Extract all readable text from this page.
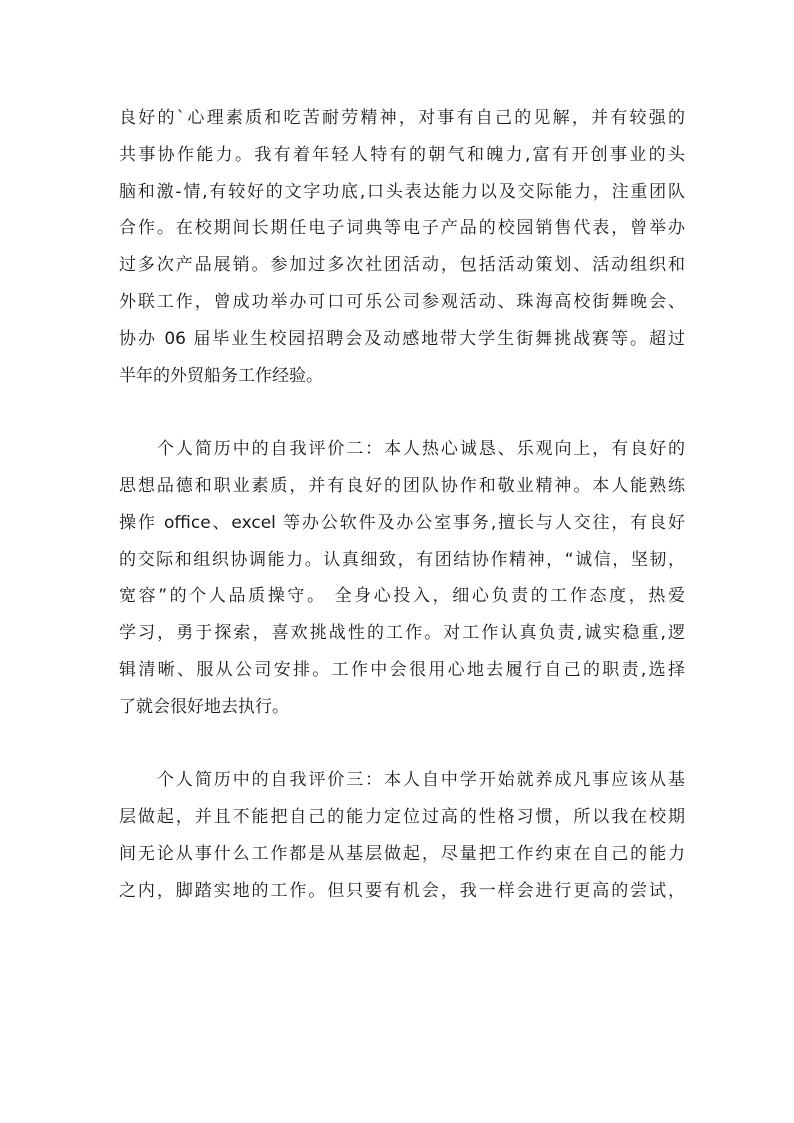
良好的`心理素质和吃苦耐劳精神，对事有自己的见解，并有较强的
共事协作能力。我有着年轻人特有的朝气和魄力,富有开创事业的头
脑和激-情,有较好的文字功底,口头表达能力以及交际能力，注重团队
合作。在校期间长期任电子词典等电子产品的校园销售代表，曾举办
过多次产品展销。参加过多次社团活动，包括活动策划、活动组织和
外联工作，曾成功举办可口可乐公司参观活动、珠海高校街舞晚会、
协办 06 届毕业生校园招聘会及动感地带大学生街舞挑战赛等。超过
半年的外贸船务工作经验。
个人简历中的自我评价二：本人热心诚恳、乐观向上，有良好的
思想品德和职业素质，并有良好的团队协作和敬业精神。本人能熟练
操作 office、excel 等办公软件及办公室事务,擅长与人交往，有良好
的交际和组织协调能力。认真细致，有团结协作精神，“诚信，坚韧，
宽容”的个人品质操守。 全身心投入，细心负责的工作态度，热爱
学习，勇于探索，喜欢挑战性的工作。对工作认真负责,诚实稳重,逻
辑清晰、服从公司安排。工作中会很用心地去履行自己的职责,选择
了就会很好地去执行。
个人简历中的自我评价三：本人自中学开始就养成凡事应该从基
层做起，并且不能把自己的能力定位过高的性格习惯，所以我在校期
间无论从事什么工作都是从基层做起，尽量把工作约束在自己的能力
之内，脚踏实地的工作。但只要有机会，我一样会进行更高的尝试，
